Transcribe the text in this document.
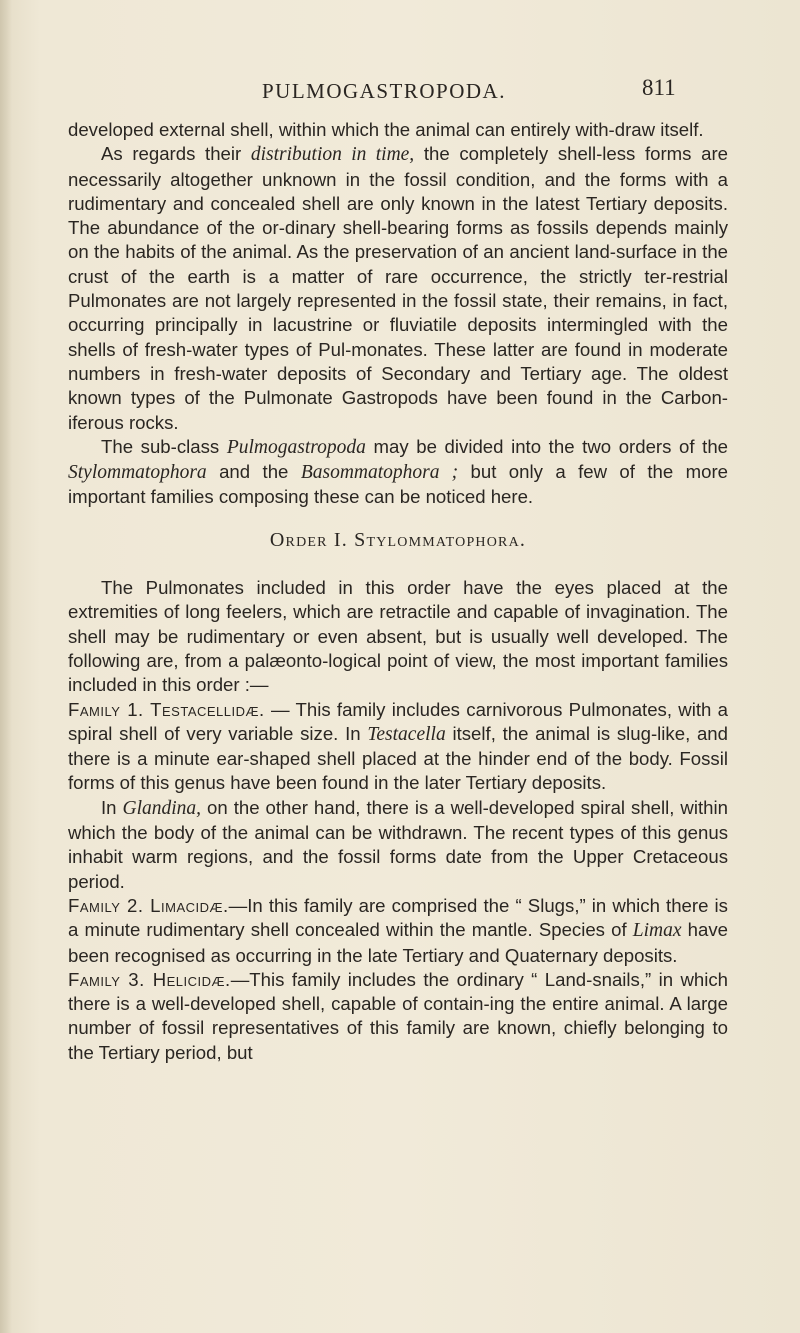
PULMOGASTROPODA.	811

developed external shell, within which the animal can entirely with-draw itself.

As regards their distribution in time, the completely shell-less forms are necessarily altogether unknown in the fossil condition, and the forms with a rudimentary and concealed shell are only known in the latest Tertiary deposits. The abundance of the or-dinary shell-bearing forms as fossils depends mainly on the habits of the animal. As the preservation of an ancient land-surface in the crust of the earth is a matter of rare occurrence, the strictly ter-restrial Pulmonates are not largely represented in the fossil state, their remains, in fact, occurring principally in lacustrine or fluviatile deposits intermingled with the shells of fresh-water types of Pul-monates. These latter are found in moderate numbers in fresh-water deposits of Secondary and Tertiary age. The oldest known types of the Pulmonate Gastropods have been found in the Carbon-iferous rocks.

The sub-class Pulmogastropoda may be divided into the two orders of the Stylommatophora and the Basommatophora ; but only a few of the more important families composing these can be noticed here.

Order I. Stylommatophora.

The Pulmonates included in this order have the eyes placed at the extremities of long feelers, which are retractile and capable of invagination. The shell may be rudimentary or even absent, but is usually well developed. The following are, from a palæonto-logical point of view, the most important families included in this order :—

Family 1. Testacellidæ. — This family includes carnivorous Pulmonates, with a spiral shell of very variable size. In Testacella itself, the animal is slug-like, and there is a minute ear-shaped shell placed at the hinder end of the body. Fossil forms of this genus have been found in the later Tertiary deposits.

In Glandina, on the other hand, there is a well-developed spiral shell, within which the body of the animal can be withdrawn. The recent types of this genus inhabit warm regions, and the fossil forms date from the Upper Cretaceous period.

Family 2. Limacidæ.—In this family are comprised the “ Slugs,” in which there is a minute rudimentary shell concealed within the mantle. Species of Limax have been recognised as occurring in the late Tertiary and Quaternary deposits.

Family 3. Helicidæ.—This family includes the ordinary “ Land-snails,” in which there is a well-developed shell, capable of contain-ing the entire animal. A large number of fossil representatives of this family are known, chiefly belonging to the Tertiary period, but
